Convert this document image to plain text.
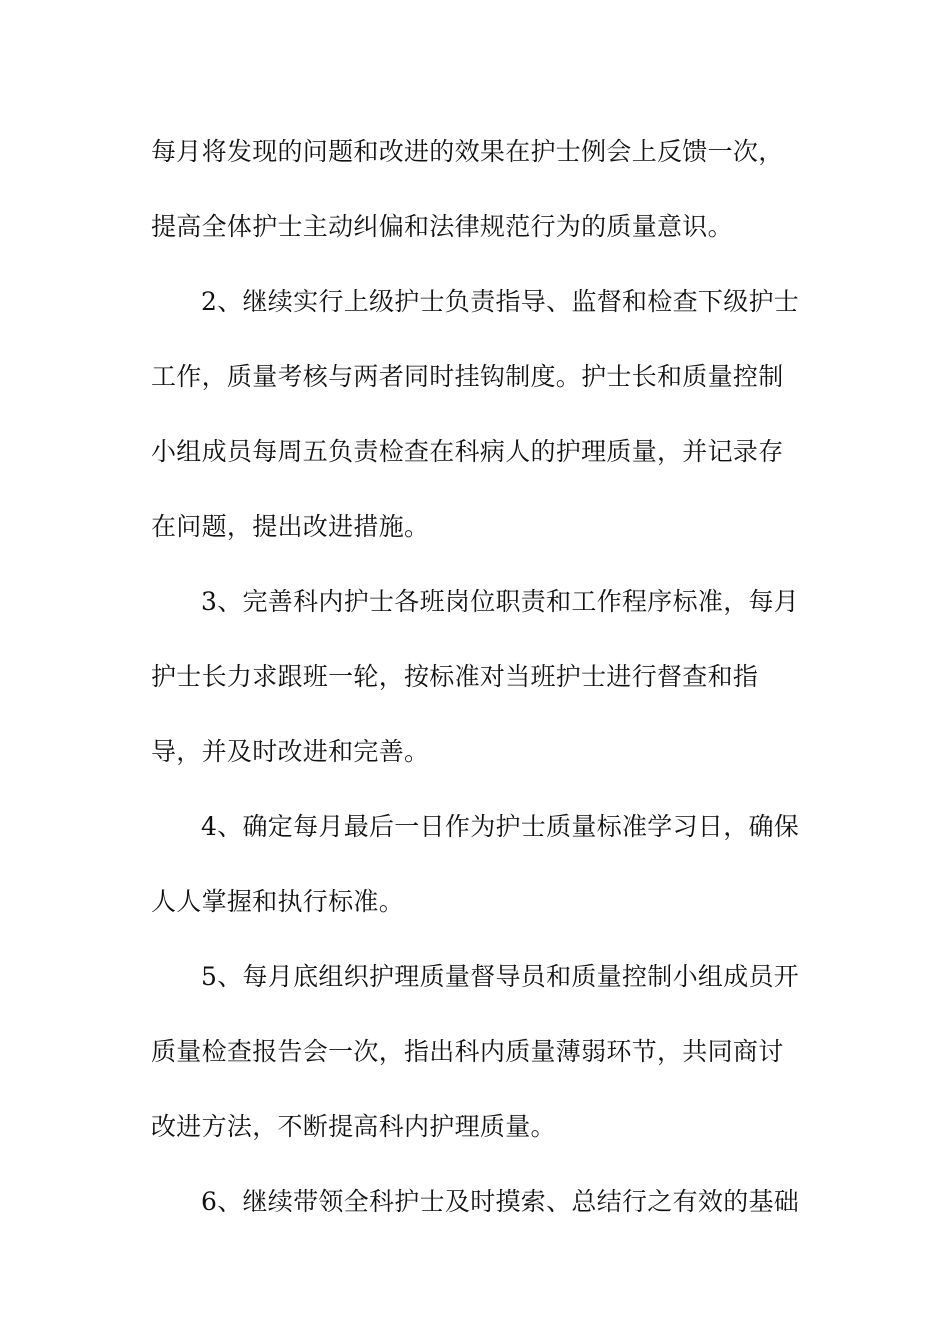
每月将发现的问题和改进的效果在护士例会上反馈一次，
提高全体护士主动纠偏和法律规范行为的质量意识。
2、继续实行上级护士负责指导、监督和检查下级护士
工作，质量考核与两者同时挂钩制度。护士长和质量控制
小组成员每周五负责检查在科病人的护理质量，并记录存
在问题，提出改进措施。
3、完善科内护士各班岗位职责和工作程序标准，每月
护士长力求跟班一轮，按标准对当班护士进行督查和指
导，并及时改进和完善。
4、确定每月最后一日作为护士质量标准学习日，确保
人人掌握和执行标准。
5、每月底组织护理质量督导员和质量控制小组成员开
质量检查报告会一次，指出科内质量薄弱环节，共同商讨
改进方法，不断提高科内护理质量。
6、继续带领全科护士及时摸索、总结行之有效的基础
